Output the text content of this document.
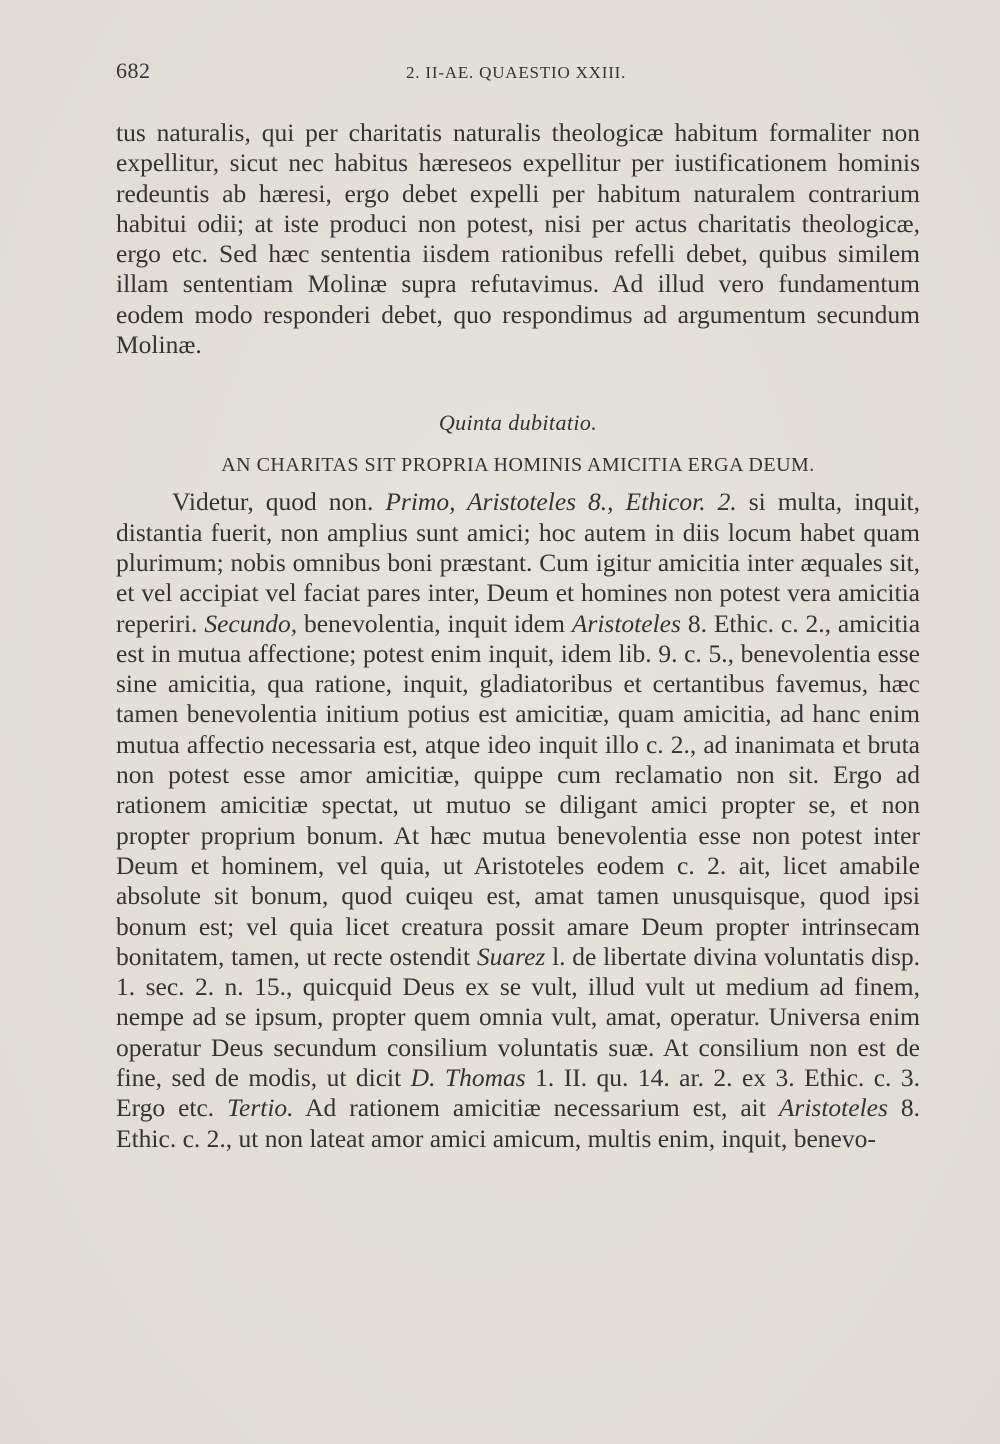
682	2. II-AE. QUAESTIO XXIII.

tus naturalis, qui per charitatis naturalis theologicæ habitum formaliter non expellitur, sicut nec habitus hæreseos expellitur per iustificationem hominis redeuntis ab hæresi, ergo debet expelli per habitum naturalem contrarium habitui odii; at iste produci non potest, nisi per actus charitatis theologicæ, ergo etc. Sed hæc sententia iisdem rationibus refelli debet, quibus similem illam sententiam Molinæ supra refutavimus. Ad illud vero fundamentum eodem modo responderi debet, quo respondimus ad argumentum secundum Molinæ.

Quinta dubitatio.
AN CHARITAS SIT PROPRIA HOMINIS AMICITIA ERGA DEUM.

Videtur, quod non. Primo, Aristoteles 8., Ethicor. 2. si multa, inquit, distantia fuerit, non amplius sunt amici; hoc autem in diis locum habet quam plurimum; nobis omnibus boni præstant. Cum igitur amicitia inter æquales sit, et vel accipiat vel faciat pares inter, Deum et homines non potest vera amicitia reperiri. Secundo, benevolentia, inquit idem Aristoteles 8. Ethic. c. 2., amicitia est in mutua affectione; potest enim inquit, idem lib. 9. c. 5., benevolentia esse sine amicitia, qua ratione, inquit, gladiatoribus et certantibus favemus, hæc tamen benevolentia initium potius est amicitiæ, quam amicitia, ad hanc enim mutua affectio necessaria est, atque ideo inquit illo c. 2., ad inanimata et bruta non potest esse amor amicitiæ, quippe cum reclamatio non sit. Ergo ad rationem amicitiæ spectat, ut mutuo se diligant amici propter se, et non propter proprium bonum. At hæc mutua benevolentia esse non potest inter Deum et hominem, vel quia, ut Aristoteles eodem c. 2. ait, licet amabile absolute sit bonum, quod cuiqeu est, amat tamen unusquisque, quod ipsi bonum est; vel quia licet creatura possit amare Deum propter intrinsecam bonitatem, tamen, ut recte ostendit Suarez l. de libertate divina voluntatis disp. 1. sec. 2. n. 15., quicquid Deus ex se vult, illud vult ut medium ad finem, nempe ad se ipsum, propter quem omnia vult, amat, operatur. Universa enim operatur Deus secundum consilium voluntatis suæ. At consilium non est de fine, sed de modis, ut dicit D. Thomas 1. II. qu. 14. ar. 2. ex 3. Ethic. c. 3. Ergo etc. Tertio. Ad rationem amicitiæ necessarium est, ait Aristoteles 8. Ethic. c. 2., ut non lateat amor amici amicum, multis enim, inquit, benevo-
